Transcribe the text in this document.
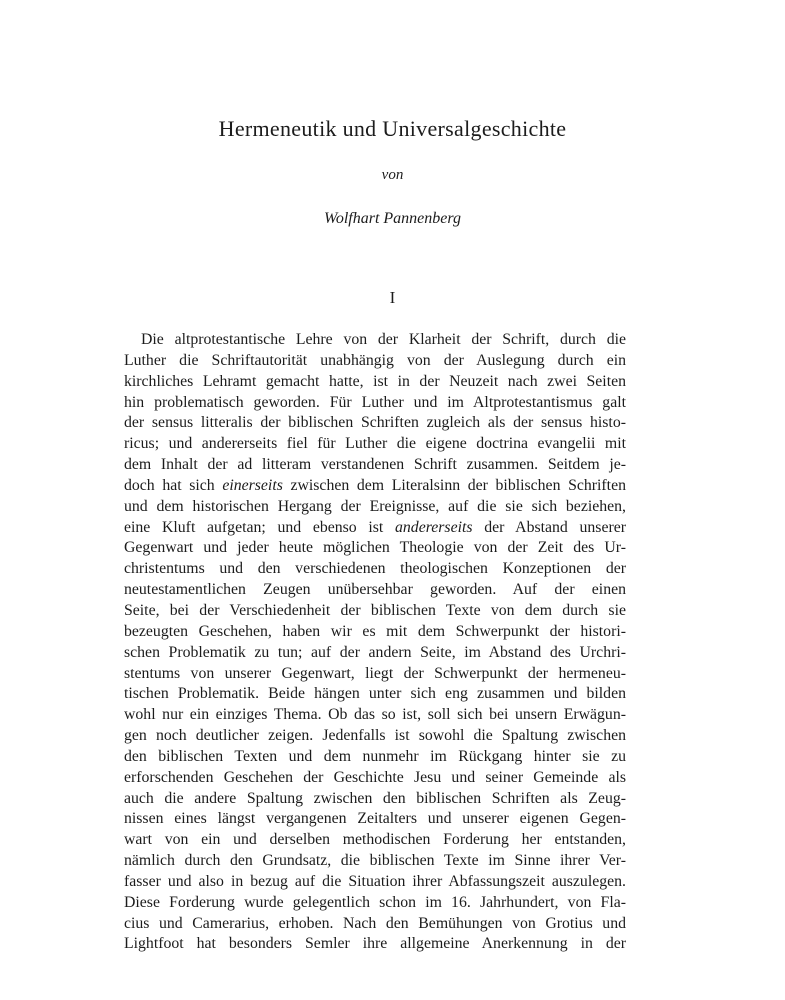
Hermeneutik und Universalgeschichte
von
Wolfhart Pannenberg
I
Die altprotestantische Lehre von der Klarheit der Schrift, durch die
Luther die Schriftautorität unabhängig von der Auslegung durch ein
kirchliches Lehramt gemacht hatte, ist in der Neuzeit nach zwei Seiten
hin problematisch geworden. Für Luther und im Altprotestantismus galt
der sensus litteralis der biblischen Schriften zugleich als der sensus histo-
ricus; und andererseits fiel für Luther die eigene doctrina evangelii mit
dem Inhalt der ad litteram verstandenen Schrift zusammen. Seitdem je-
doch hat sich einerseits zwischen dem Literalsinn der biblischen Schriften
und dem historischen Hergang der Ereignisse, auf die sie sich beziehen,
eine Kluft aufgetan; und ebenso ist andererseits der Abstand unserer
Gegenwart und jeder heute möglichen Theologie von der Zeit des Ur-
christentums und den verschiedenen theologischen Konzeptionen der
neutestamentlichen Zeugen unübersehbar geworden. Auf der einen
Seite, bei der Verschiedenheit der biblischen Texte von dem durch sie
bezeugten Geschehen, haben wir es mit dem Schwerpunkt der histori-
schen Problematik zu tun; auf der andern Seite, im Abstand des Urchri-
stentums von unserer Gegenwart, liegt der Schwerpunkt der hermeneu-
tischen Problematik. Beide hängen unter sich eng zusammen und bilden
wohl nur ein einziges Thema. Ob das so ist, soll sich bei unsern Erwägun-
gen noch deutlicher zeigen. Jedenfalls ist sowohl die Spaltung zwischen
den biblischen Texten und dem nunmehr im Rückgang hinter sie zu
erforschenden Geschehen der Geschichte Jesu und seiner Gemeinde als
auch die andere Spaltung zwischen den biblischen Schriften als Zeug-
nissen eines längst vergangenen Zeitalters und unserer eigenen Gegen-
wart von ein und derselben methodischen Forderung her entstanden,
nämlich durch den Grundsatz, die biblischen Texte im Sinne ihrer Ver-
fasser und also in bezug auf die Situation ihrer Abfassungszeit auszulegen.
Diese Forderung wurde gelegentlich schon im 16. Jahrhundert, von Fla-
cius und Camerarius, erhoben. Nach den Bemühungen von Grotius und
Lightfoot hat besonders Semler ihre allgemeine Anerkennung in der
